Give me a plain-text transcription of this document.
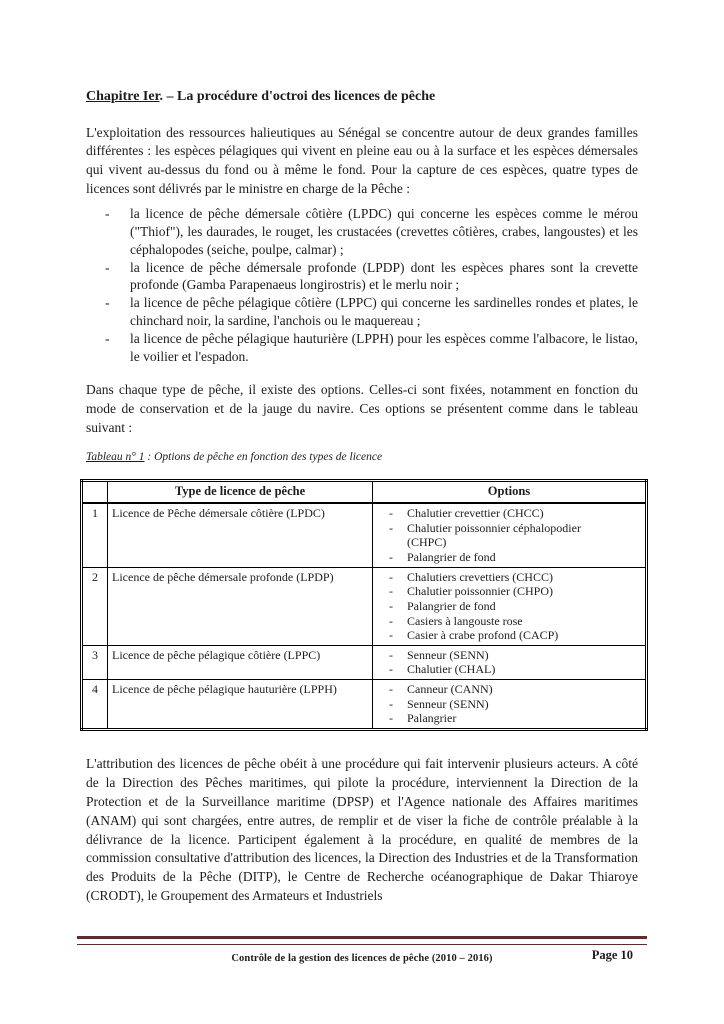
Chapitre Ier. – La procédure d'octroi des licences de pêche

L'exploitation des ressources halieutiques au Sénégal se concentre autour de deux grandes familles différentes : les espèces pélagiques qui vivent en pleine eau ou à la surface et les espèces démersales qui vivent au-dessus du fond ou à même le fond. Pour la capture de ces espèces, quatre types de licences sont délivrés par le ministre en charge de la Pêche :

- la licence de pêche démersale côtière (LPDC) qui concerne les espèces comme le mérou ("Thiof"), les daurades, le rouget, les crustacées (crevettes côtières, crabes, langoustes) et les céphalopodes (seiche, poulpe, calmar) ;
- la licence de pêche démersale profonde (LPDP) dont les espèces phares sont la crevette profonde (Gamba Parapenaeus longirostris) et le merlu noir ;
- la licence de pêche pélagique côtière (LPPC) qui concerne les sardinelles rondes et plates, le chinchard noir, la sardine, l'anchois ou le maquereau ;
- la licence de pêche pélagique hauturière (LPPH) pour les espèces comme l'albacore, le listao, le voilier et l'espadon.

Dans chaque type de pêche, il existe des options. Celles-ci sont fixées, notamment en fonction du mode de conservation et de la jauge du navire. Ces options se présentent comme dans le tableau suivant :

Tableau n° 1 : Options de pêche en fonction des types de licence

	Type de licence de pêche	Options
1	Licence de Pêche démersale côtière (LPDC)	-	Chalutier crevettier (CHCC)
-	Chalutier poissonnier céphalopodier (CHPC)
-	Palangrier de fond

2	Licence de pêche démersale profonde (LPDP)	-	Chalutiers crevettiers (CHCC)
-	Chalutier poissonnier (CHPO)
-	Palangrier de fond
-	Casiers à langouste rose
-	Casier à crabe profond (CACP)

3	Licence de pêche pélagique côtière (LPPC)	- Senneur (SENN)
- Chalutier (CHAL)

4	Licence de pêche pélagique hauturière (LPPH)	-	Canneur (CANN)
-	Senneur (SENN)
-	Palangrier

L'attribution des licences de pêche obéit à une procédure qui fait intervenir plusieurs acteurs. A côté de la Direction des Pêches maritimes, qui pilote la procédure, interviennent la Direction de la Protection et de la Surveillance maritime (DPSP) et l'Agence nationale des Affaires maritimes (ANAM) qui sont chargées, entre autres, de remplir et de viser la fiche de contrôle préalable à la délivrance de la licence. Participent également à la procédure, en qualité de membres de la commission consultative d'attribution des licences, la Direction des Industries et de la Transformation des Produits de la Pêche (DITP), le Centre de Recherche océanographique de Dakar Thiaroye (CRODT), le Groupement des Armateurs et Industriels

Contrôle de la gestion des licences de pêche (2010 – 2016)	Page 10
